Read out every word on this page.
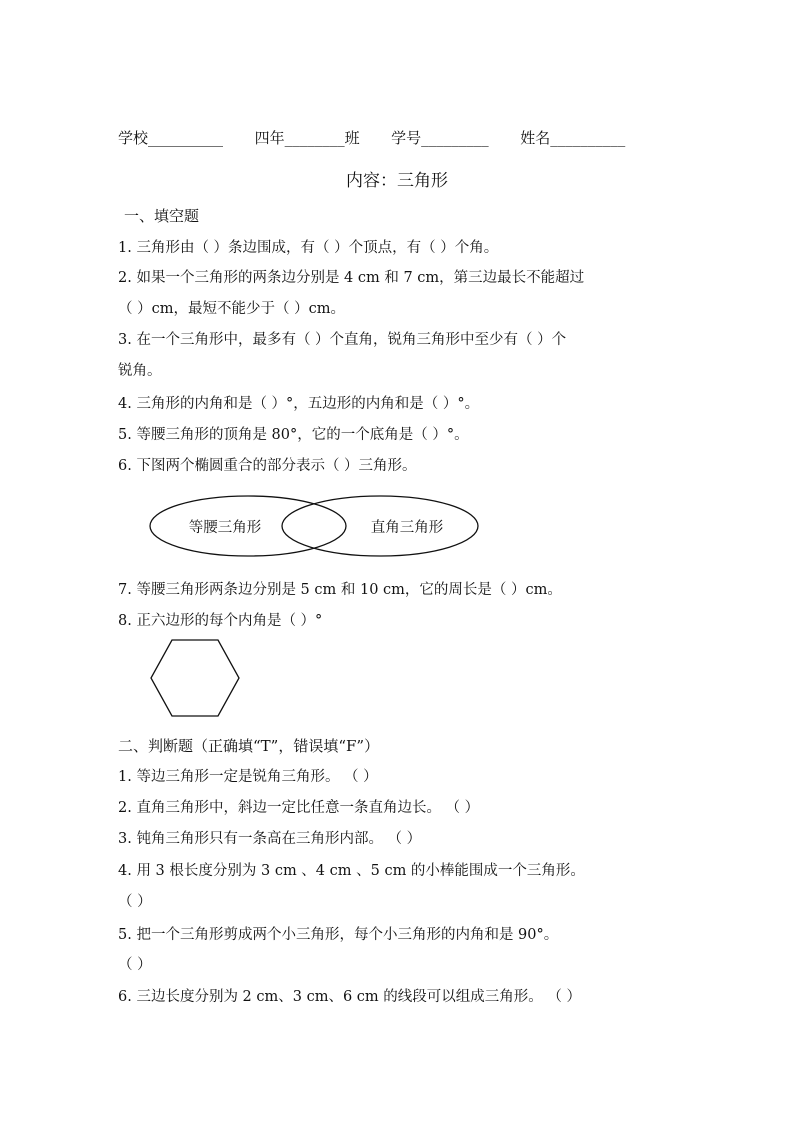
学校__________ 四年________班 学号_________ 姓名__________
内容：三角形
一、填空题
1. 三角形由（ ）条边围成，有（ ）个顶点，有（ ）个角。
2. 如果一个三角形的两条边分别是 4 cm 和 7 cm，第三边最长不能超过
（ ）cm，最短不能少于（ ）cm。
3. 在一个三角形中，最多有（ ）个直角，锐角三角形中至少有（ ）个
锐角。
4. 三角形的内角和是（ ）°，五边形的内角和是（ ）°。
5. 等腰三角形的顶角是 80°，它的一个底角是（ ）°。
6. 下图两个椭圆重合的部分表示（ ）三角形。
等腰三角形	直角三角形
7. 等腰三角形两条边分别是 5 cm 和 10 cm，它的周长是（ ）cm。
8. 正六边形的每个内角是（ ）°
二、判断题（正确填“T”，错误填“F”）
1. 等边三角形一定是锐角三角形。 （ ）
2. 直角三角形中，斜边一定比任意一条直角边长。 （ ）
3. 钝角三角形只有一条高在三角形内部。 （ ）
4. 用 3 根长度分别为 3 cm 、4 cm 、5 cm 的小棒能围成一个三角形。
（ ）
5. 把一个三角形剪成两个小三角形，每个小三角形的内角和是 90°。
（ ）
6. 三边长度分别为 2 cm、3 cm、6 cm 的线段可以组成三角形。 （ ）
